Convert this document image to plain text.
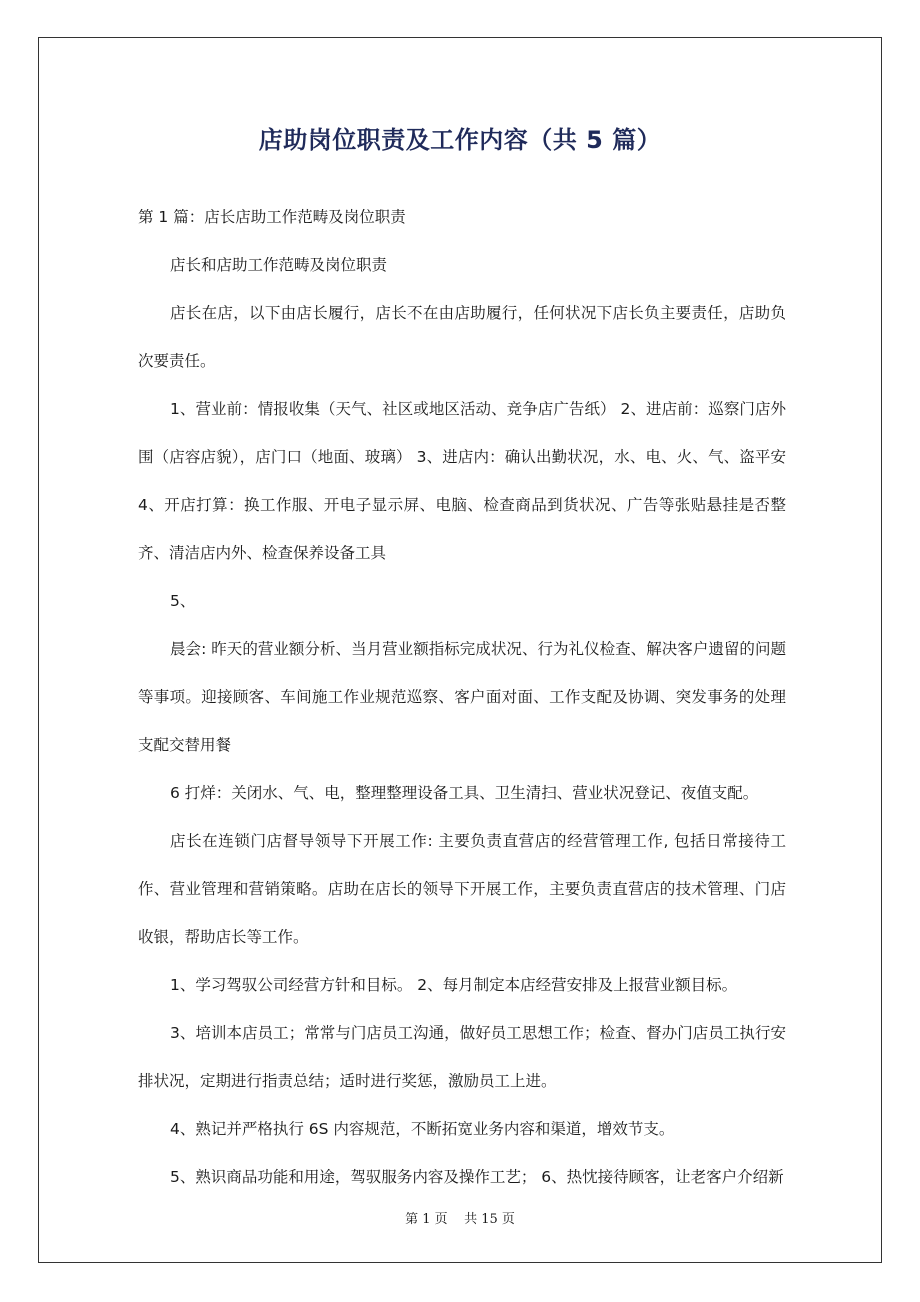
店助岗位职责及工作内容（共 5 篇）

第 1 篇：店长店助工作范畴及岗位职责

店长和店助工作范畴及岗位职责

店长在店，以下由店长履行，店长不在由店助履行，任何状况下店长负主要责任，店助负次要责任。

1、营业前：情报收集（天气、社区或地区活动、竞争店广告纸） 2、进店前：巡察门店外围（店容店貌），店门口（地面、玻璃） 3、进店内：确认出勤状况，水、电、火、气、盗平安 4、开店打算：换工作服、开电子显示屏、电脑、检查商品到货状况、广告等张贴悬挂是否整齐、清洁店内外、检查保养设备工具

5、

晨会: 昨天的营业额分析、当月营业额指标完成状况、行为礼仪检查、解决客户遗留的问题等事项。迎接顾客、车间施工作业规范巡察、客户面对面、工作支配及协调、突发事务的处理支配交替用餐

6 打烊：关闭水、气、电，整理整理设备工具、卫生清扫、营业状况登记、夜值支配。

店长在连锁门店督导领导下开展工作: 主要负责直营店的经营管理工作, 包括日常接待工作、营业管理和营销策略。店助在店长的领导下开展工作，主要负责直营店的技术管理、门店收银，帮助店长等工作。

1、学习驾驭公司经营方针和目标。 2、每月制定本店经营安排及上报营业额目标。

3、培训本店员工；常常与门店员工沟通，做好员工思想工作；检查、督办门店员工执行安排状况，定期进行指责总结；适时进行奖惩，激励员工上进。

4、熟记并严格执行 6S 内容规范，不断拓宽业务内容和渠道，增效节支。

5、熟识商品功能和用途，驾驭服务内容及操作工艺； 6、热忱接待顾客，让老客户介绍新

第 1 页    共 15 页
